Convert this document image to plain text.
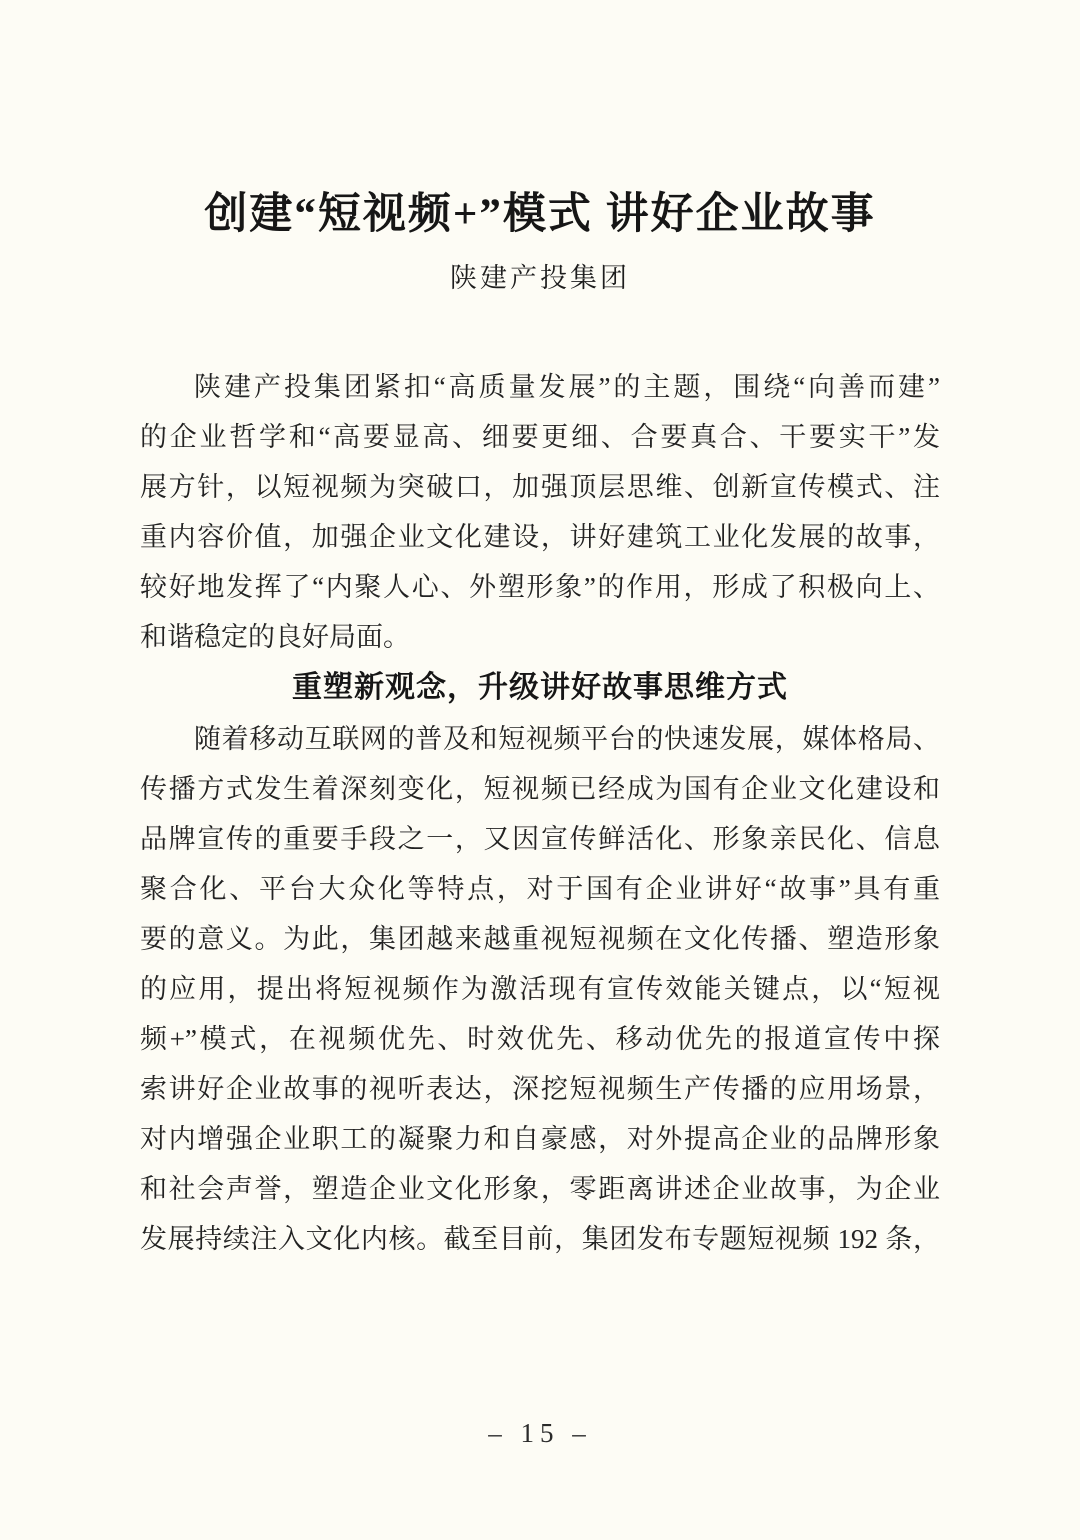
创建“短视频+”模式 讲好企业故事
陕建产投集团
陕建产投集团紧扣“高质量发展”的主题，围绕“向善而建”
的企业哲学和“高要显高、细要更细、合要真合、干要实干”发
展方针，以短视频为突破口，加强顶层思维、创新宣传模式、注
重内容价值，加强企业文化建设，讲好建筑工业化发展的故事，
较好地发挥了“内聚人心、外塑形象”的作用，形成了积极向上、
和谐稳定的良好局面。
重塑新观念，升级讲好故事思维方式
随着移动互联网的普及和短视频平台的快速发展，媒体格局、
传播方式发生着深刻变化，短视频已经成为国有企业文化建设和
品牌宣传的重要手段之一，又因宣传鲜活化、形象亲民化、信息
聚合化、平台大众化等特点，对于国有企业讲好“故事”具有重
要的意义。为此，集团越来越重视短视频在文化传播、塑造形象
的应用，提出将短视频作为激活现有宣传效能关键点，以“短视
频+”模式，在视频优先、时效优先、移动优先的报道宣传中探
索讲好企业故事的视听表达，深挖短视频生产传播的应用场景，
对内增强企业职工的凝聚力和自豪感，对外提高企业的品牌形象
和社会声誉，塑造企业文化形象，零距离讲述企业故事，为企业
发展持续注入文化内核。截至目前，集团发布专题短视频 192 条，
– 15 –
